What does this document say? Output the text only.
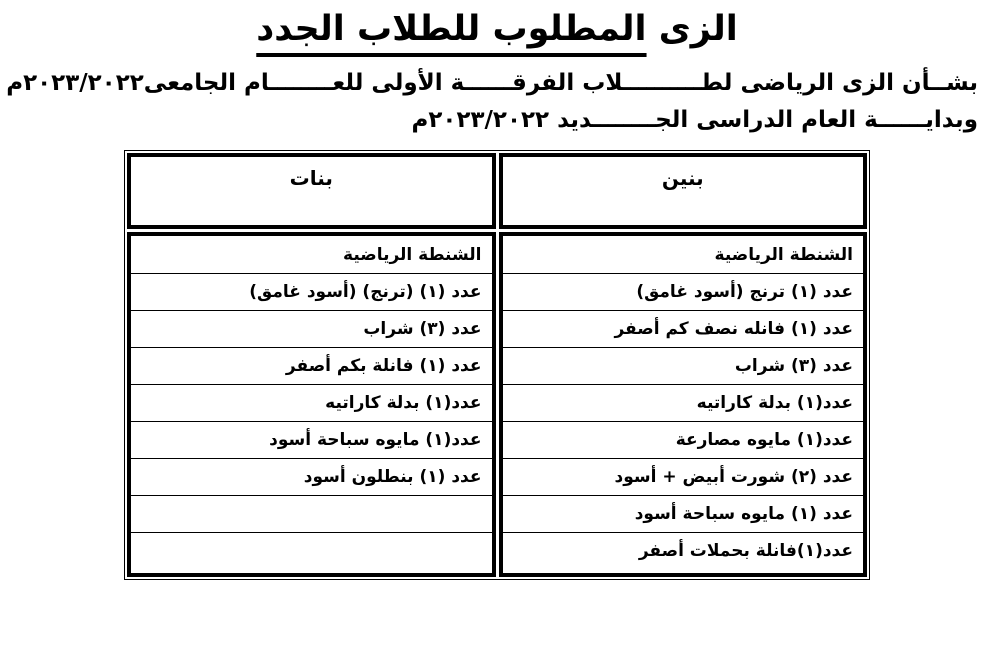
الزى المطلوب للطلاب الجدد
بشــأن الزى الرياضى لطــــــــــلاب الفرقــــــة الأولى للعــــــــام الجامعى٢٠٢٣/٢٠٢٢م
وبدايــــــة العام الدراسى الجــــــــديد ٢٠٢٣/٢٠٢٢م
بنين
الشنطة الرياضية
عدد (١) ترنج (أسود غامق)
عدد (١) فانله نصف كم أصفر
عدد (٣) شراب
عدد(١) بدلة كاراتيه
عدد(١) مايوه مصارعة
عدد (٢) شورت أبيض + أسود
عدد (١) مايوه سباحة أسود
عدد(١)فانلة بحملات أصفر
بنات
الشنطة الرياضية
عدد (١) (ترنج) (أسود غامق)
عدد (٣) شراب
عدد (١) فانلة بكم أصفر
عدد(١) بدلة كاراتيه
عدد(١) مايوه سباحة أسود
عدد (١) بنطلون أسود
